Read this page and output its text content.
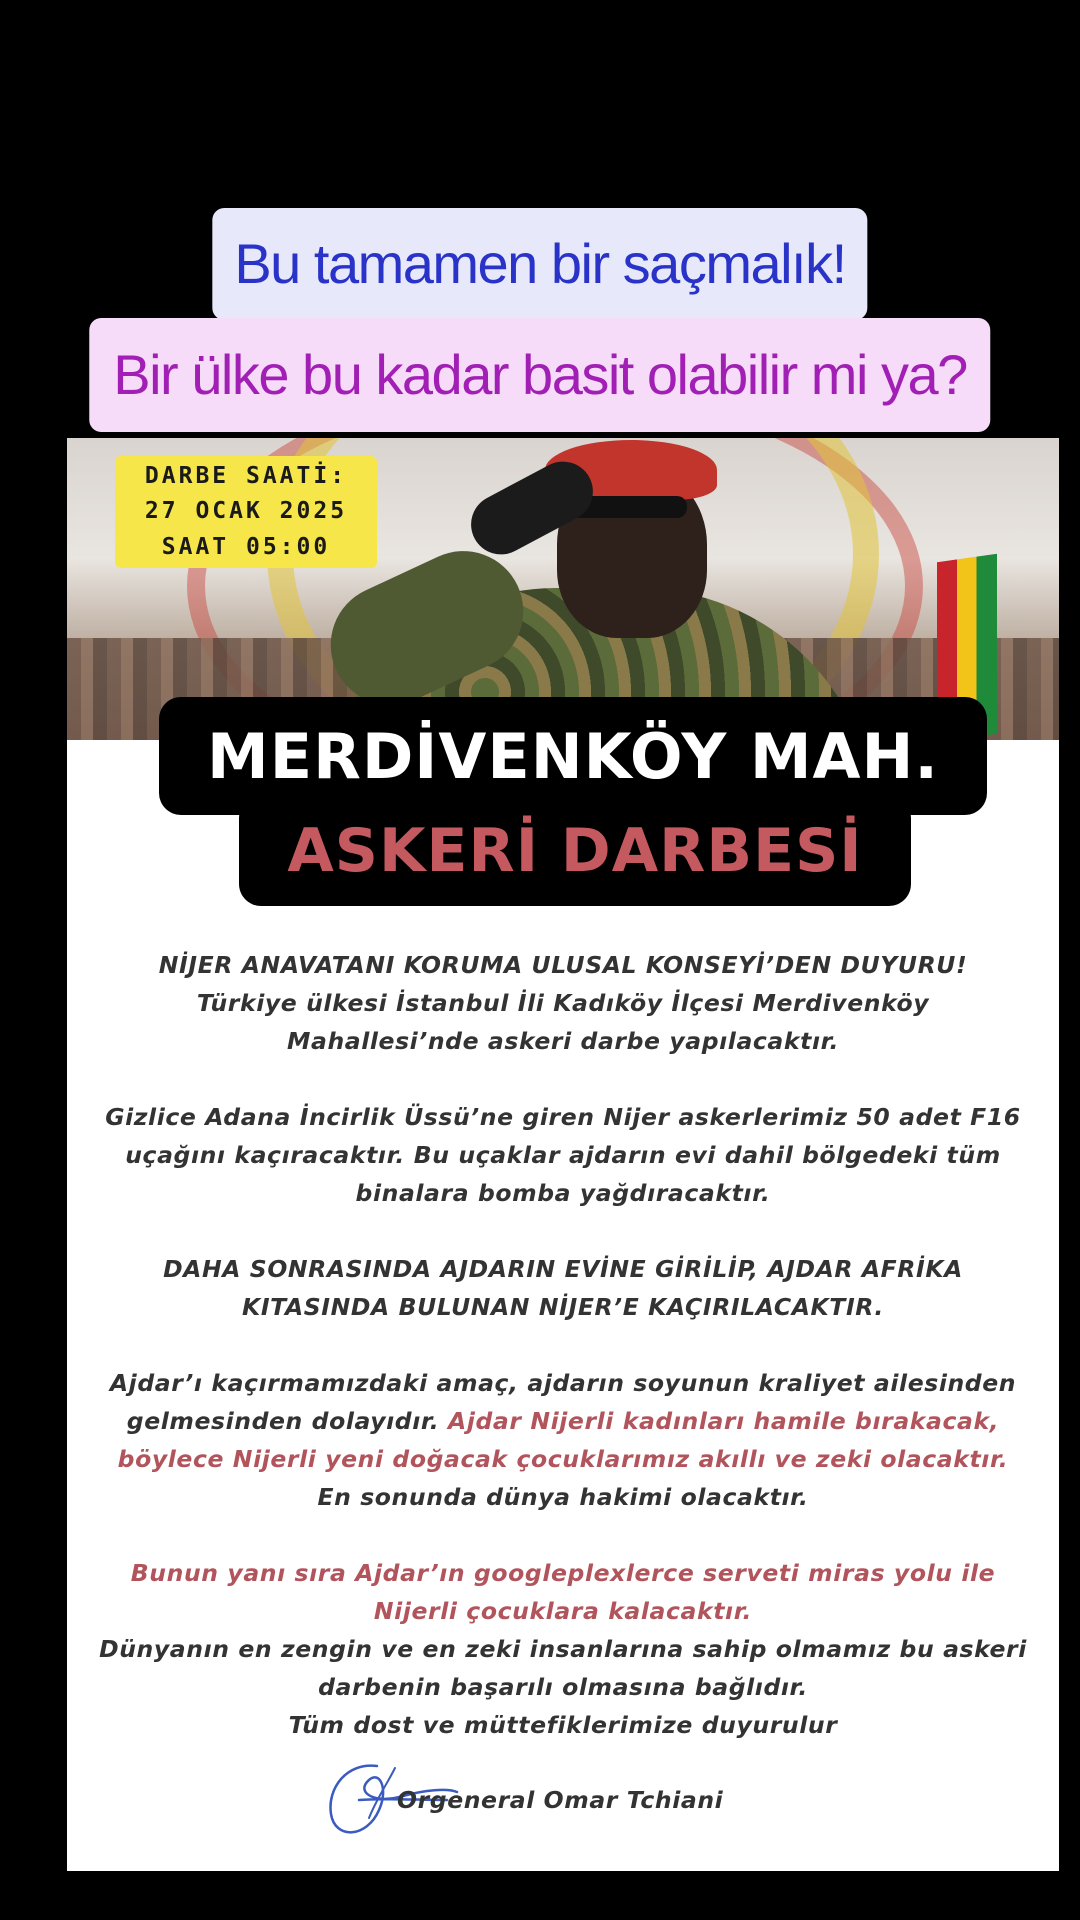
Bu tamamen bir saçmalık!
Bir ülke bu kadar basit olabilir mi ya?
DARBE SAATİ:
27 OCAK 2025
SAAT 05:00
MERDİVENKÖY MAH.
ASKERİ DARBESİ

NİJER ANAVATANI KORUMA ULUSAL KONSEYİ’DEN DUYURU!
Türkiye ülkesi İstanbul İli Kadıköy İlçesi Merdivenköy
Mahallesi’nde askeri darbe yapılacaktır.

Gizlice Adana İncirlik Üssü’ne giren Nijer askerlerimiz 50 adet F16
uçağını kaçıracaktır. Bu uçaklar ajdarın evi dahil bölgedeki tüm
binalara bomba yağdıracaktır.

DAHA SONRASINDA AJDARIN EVİNE GİRİLİP, AJDAR AFRİKA
KITASINDA BULUNAN NİJER’E KAÇIRILACAKTIR.

Ajdar’ı kaçırmamızdaki amaç, ajdarın soyunun kraliyet ailesinden
gelmesinden dolayıdır. Ajdar Nijerli kadınları hamile bırakacak,
böylece Nijerli yeni doğacak çocuklarımız akıllı ve zeki olacaktır.
En sonunda dünya hakimi olacaktır.

Bunun yanı sıra Ajdar’ın googleplexlerce serveti miras yolu ile
Nijerli çocuklara kalacaktır.
Dünyanın en zengin ve en zeki insanlarına sahip olmamız bu askeri
darbenin başarılı olmasına bağlıdır.
Tüm dost ve müttefiklerimize duyurulur

Orgeneral Omar Tchiani
